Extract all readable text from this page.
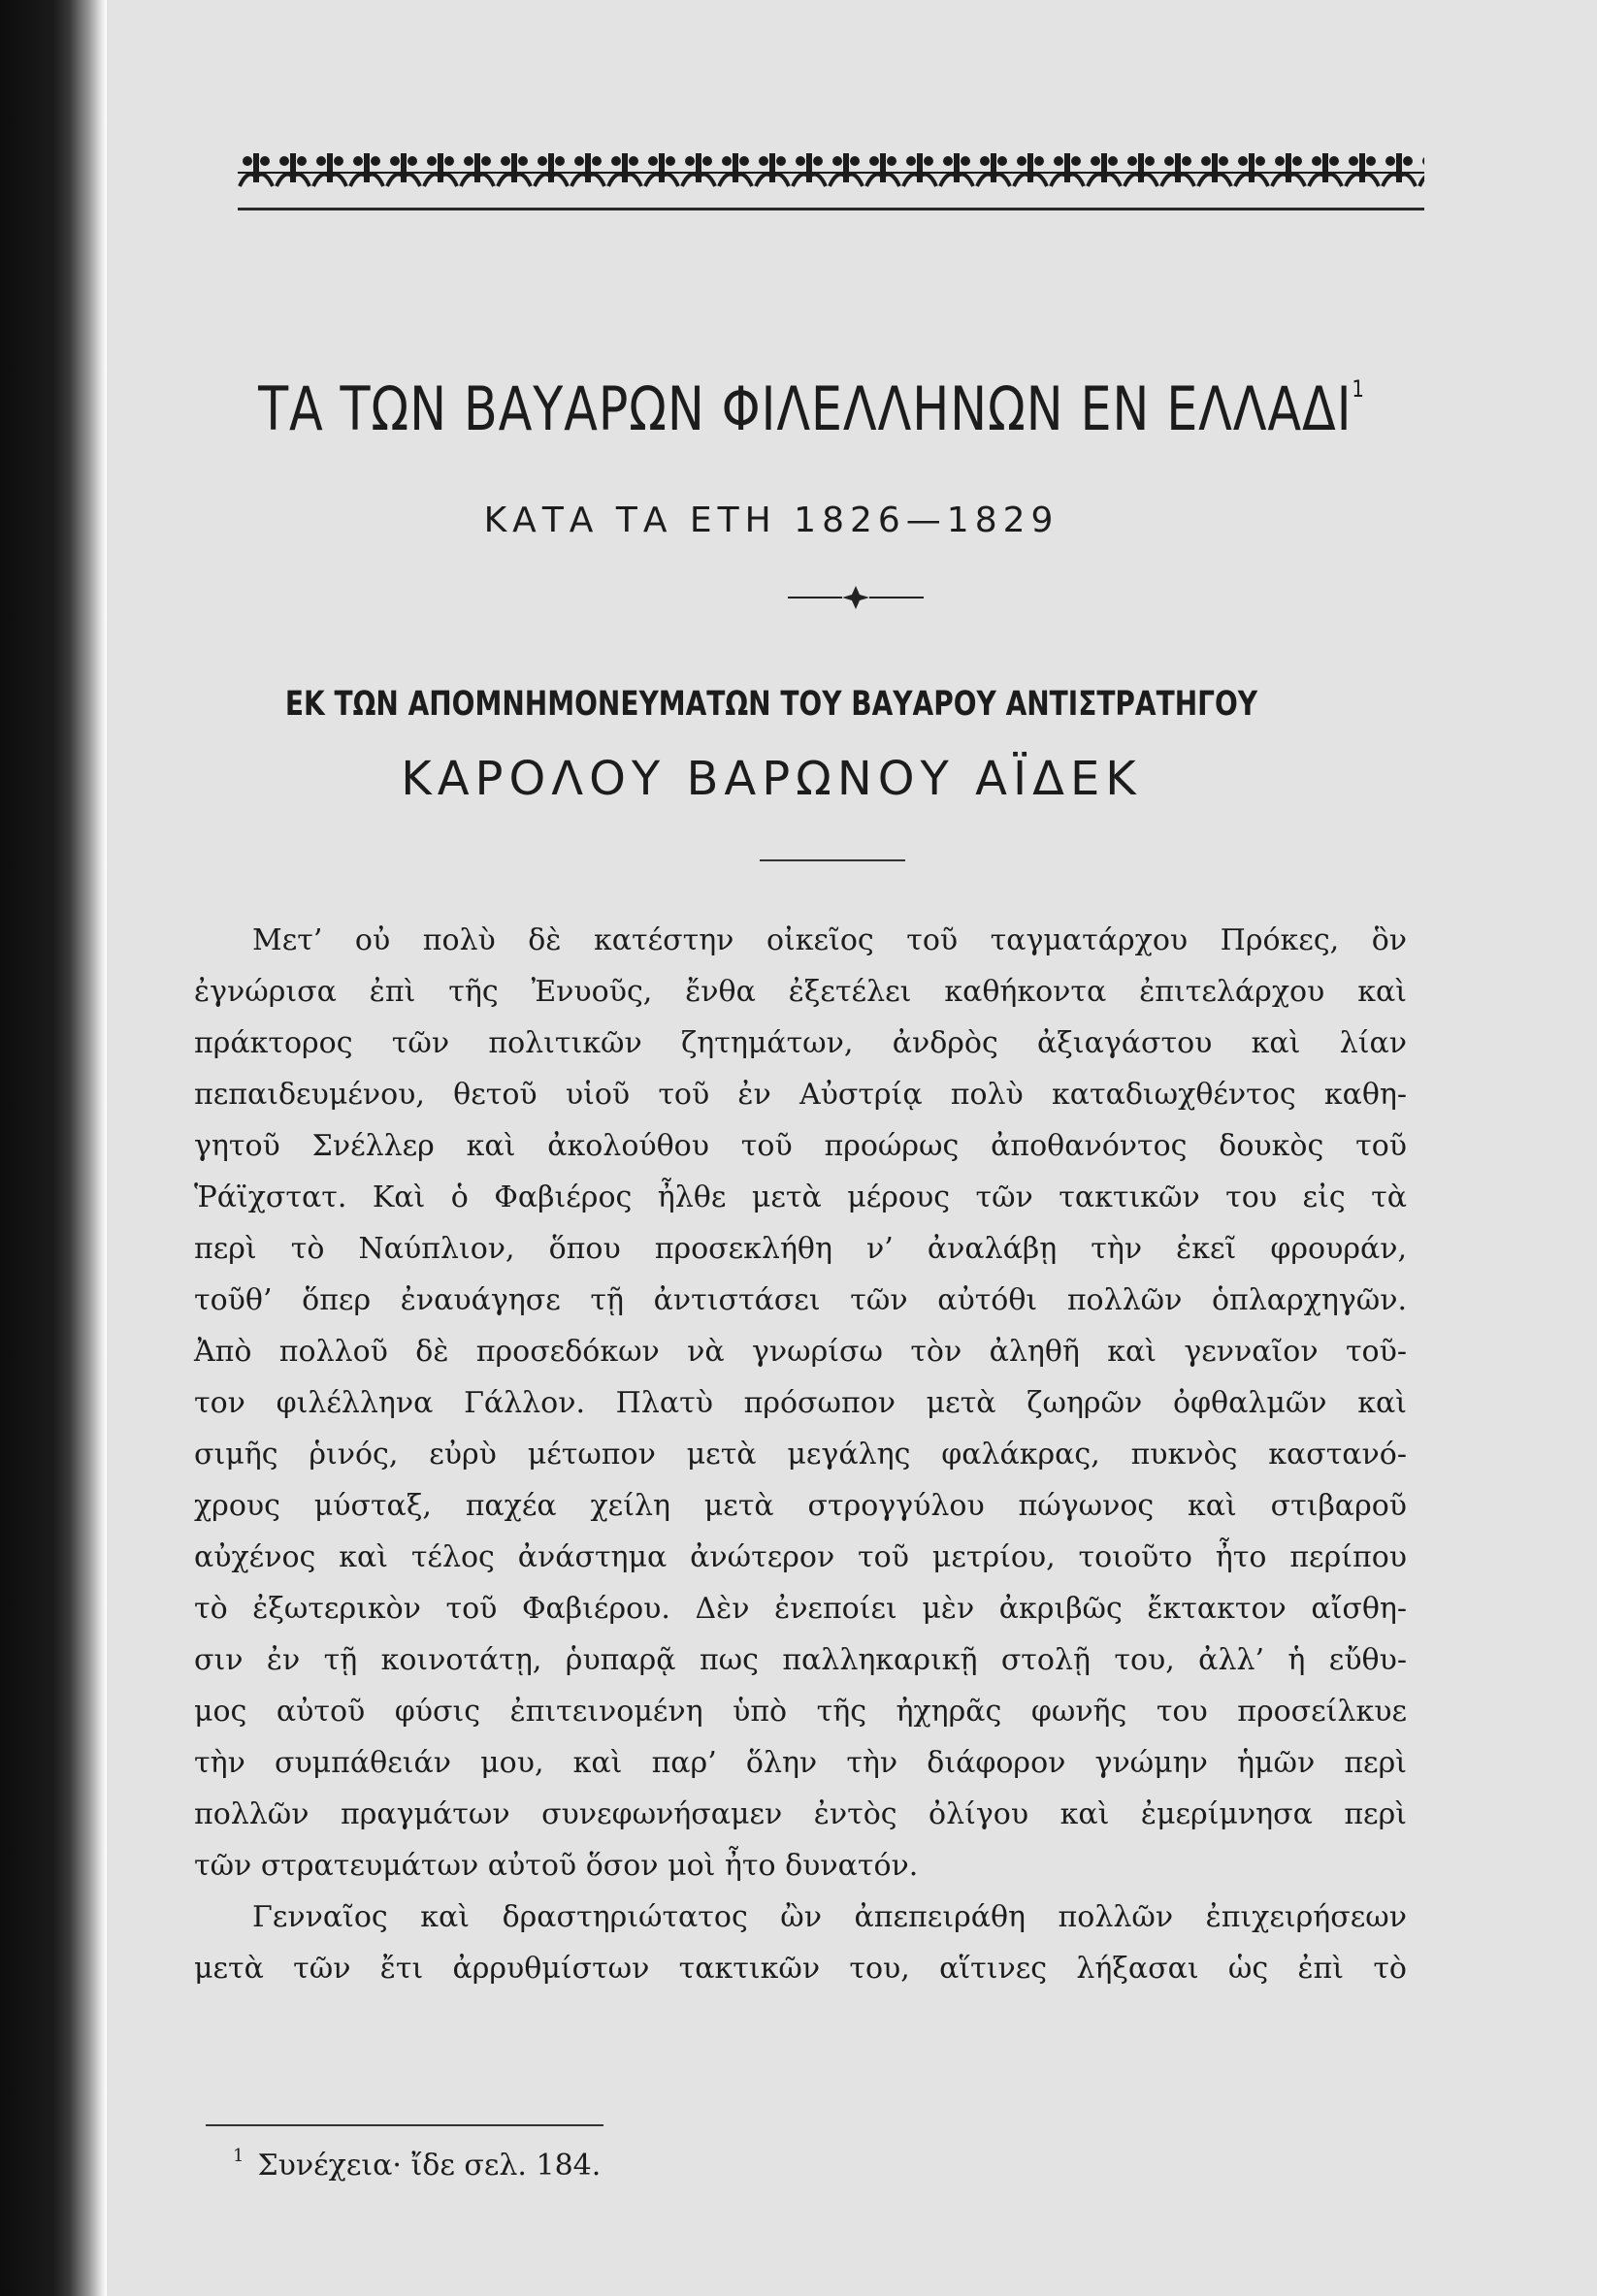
ΤΑ ΤΩΝ ΒΑΥΑΡΩΝ ΦΙΛΕΛΛΗΝΩΝ ΕΝ ΕΛΛΑΔΙ$^1$
ΚΑΤΑ ΤΑ ΕΤΗ 1826—1829
ΕΚ ΤΩΝ ΑΠΟΜΝΗΜΟΝΕΥΜΑΤΩΝ ΤΟΥ ΒΑΥΑΡΟΥ ΑΝΤΙΣΤΡΑΤΗΓΟΥ
ΚΑΡΟΛΟΥ ΒΑΡΩΝΟΥ ΑΪΔΕΚ
Μετ’ οὐ πολὺ δὲ κατέστην οἰκεῖος τοῦ ταγματάρχου Πρόκες, ὃν
ἐγνώρισα ἐπὶ τῆς Ἐνυοῦς, ἔνθα ἐξετέλει καθήκοντα ἐπιτελάρχου καὶ
πράκτορος τῶν πολιτικῶν ζητημάτων, ἀνδρὸς ἀξιαγάστου καὶ λίαν
πεπαιδευμένου, θετοῦ υἱοῦ τοῦ ἐν Αὐστρίᾳ πολὺ καταδιωχθέντος καθη-
γητοῦ Σνέλλερ καὶ ἀκολούθου τοῦ προώρως ἀποθανόντος δουκὸς τοῦ
Ῥάϊχστατ. Καὶ ὁ Φαβιέρος ἦλθε μετὰ μέρους τῶν τακτικῶν του εἰς τὰ
περὶ τὸ Ναύπλιον, ὅπου προσεκλήθη ν’ ἀναλάβῃ τὴν ἐκεῖ φρουράν,
τοῦθ’ ὅπερ ἐναυάγησε τῇ ἀντιστάσει τῶν αὐτόθι πολλῶν ὁπλαρχηγῶν.
Ἀπὸ πολλοῦ δὲ προσεδόκων νὰ γνωρίσω τὸν ἀληθῆ καὶ γενναῖον τοῦ-
τον φιλέλληνα Γάλλον. Πλατὺ πρόσωπον μετὰ ζωηρῶν ὀφθαλμῶν καὶ
σιμῆς ῥινός, εὐρὺ μέτωπον μετὰ μεγάλης φαλάκρας, πυκνὸς καστανό-
χρους μύσταξ, παχέα χείλη μετὰ στρογγύλου πώγωνος καὶ στιβαροῦ
αὐχένος καὶ τέλος ἀνάστημα ἀνώτερον τοῦ μετρίου, τοιοῦτο ἦτο περίπου
τὸ ἐξωτερικὸν τοῦ Φαβιέρου. Δὲν ἐνεποίει μὲν ἀκριβῶς ἔκτακτον αἴσθη-
σιν ἐν τῇ κοινοτάτῃ, ῥυπαρᾷ πως παλληκαρικῇ στολῇ του, ἀλλ’ ἡ εὔθυ-
μος αὐτοῦ φύσις ἐπιτεινομένη ὑπὸ τῆς ἠχηρᾶς φωνῆς του προσείλκυε
τὴν συμπάθειάν μου, καὶ παρ’ ὅλην τὴν διάφορον γνώμην ἡμῶν περὶ
πολλῶν πραγμάτων συνεφωνήσαμεν ἐντὸς ὀλίγου καὶ ἐμερίμνησα περὶ
τῶν στρατευμάτων αὐτοῦ ὅσον μοὶ ἦτο δυνατόν.
Γενναῖος καὶ δραστηριώτατος ὢν ἀπεπειράθη πολλῶν ἐπιχειρήσεων
μετὰ τῶν ἔτι ἀρρυθμίστων τακτικῶν του, αἵτινες λήξασαι ὡς ἐπὶ τὸ
$^1$ Συνέχεια· ἴδε σελ. 184.
